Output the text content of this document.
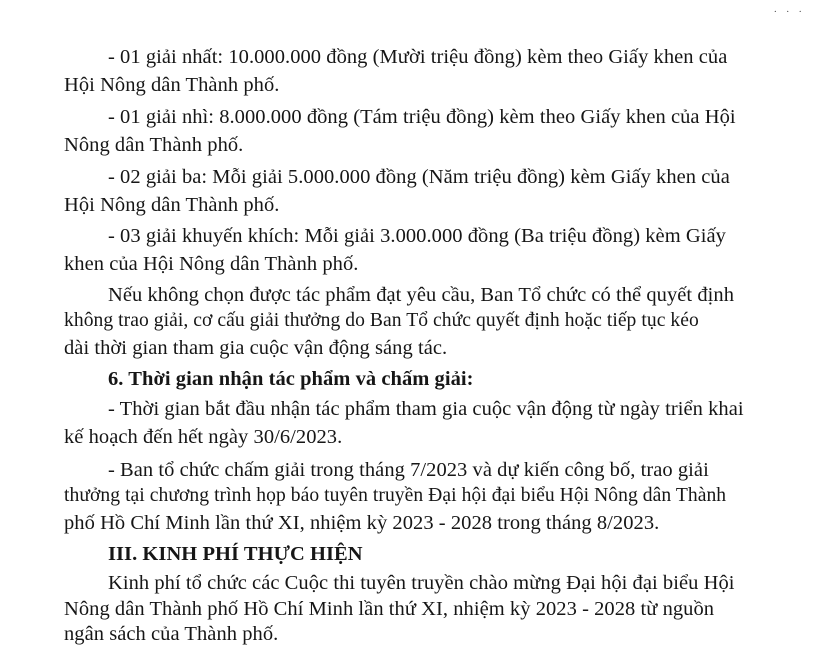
· · ·
- 01 giải nhất: 10.000.000 đồng (Mười triệu đồng) kèm theo Giấy khen của
Hội Nông dân Thành phố.
- 01 giải nhì: 8.000.000 đồng (Tám triệu đồng) kèm theo Giấy khen của Hội
Nông dân Thành phố.
- 02 giải ba: Mỗi giải 5.000.000 đồng (Năm triệu đồng) kèm Giấy khen của
Hội Nông dân Thành phố.
- 03 giải khuyến khích: Mỗi giải 3.000.000 đồng (Ba triệu đồng) kèm Giấy
khen của Hội Nông dân Thành phố.
Nếu không chọn được tác phẩm đạt yêu cầu, Ban Tổ chức có thể quyết định
không trao giải, cơ cấu giải thưởng do Ban Tổ chức quyết định hoặc tiếp tục kéo
dài thời gian tham gia cuộc vận động sáng tác.
6. Thời gian nhận tác phẩm và chấm giải:
- Thời gian bắt đầu nhận tác phẩm tham gia cuộc vận động từ ngày triển khai
kế hoạch đến hết ngày 30/6/2023.
- Ban tổ chức chấm giải trong tháng 7/2023 và dự kiến công bố, trao giải
thưởng tại chương trình họp báo tuyên truyền Đại hội đại biểu Hội Nông dân Thành
phố Hồ Chí Minh lần thứ XI, nhiệm kỳ 2023 - 2028 trong tháng 8/2023.
III. KINH PHÍ THỰC HIỆN
Kinh phí tổ chức các Cuộc thi tuyên truyền chào mừng Đại hội đại biểu Hội
Nông dân Thành phố Hồ Chí Minh lần thứ XI, nhiệm kỳ 2023 - 2028 từ nguồn
ngân sách của Thành phố.
